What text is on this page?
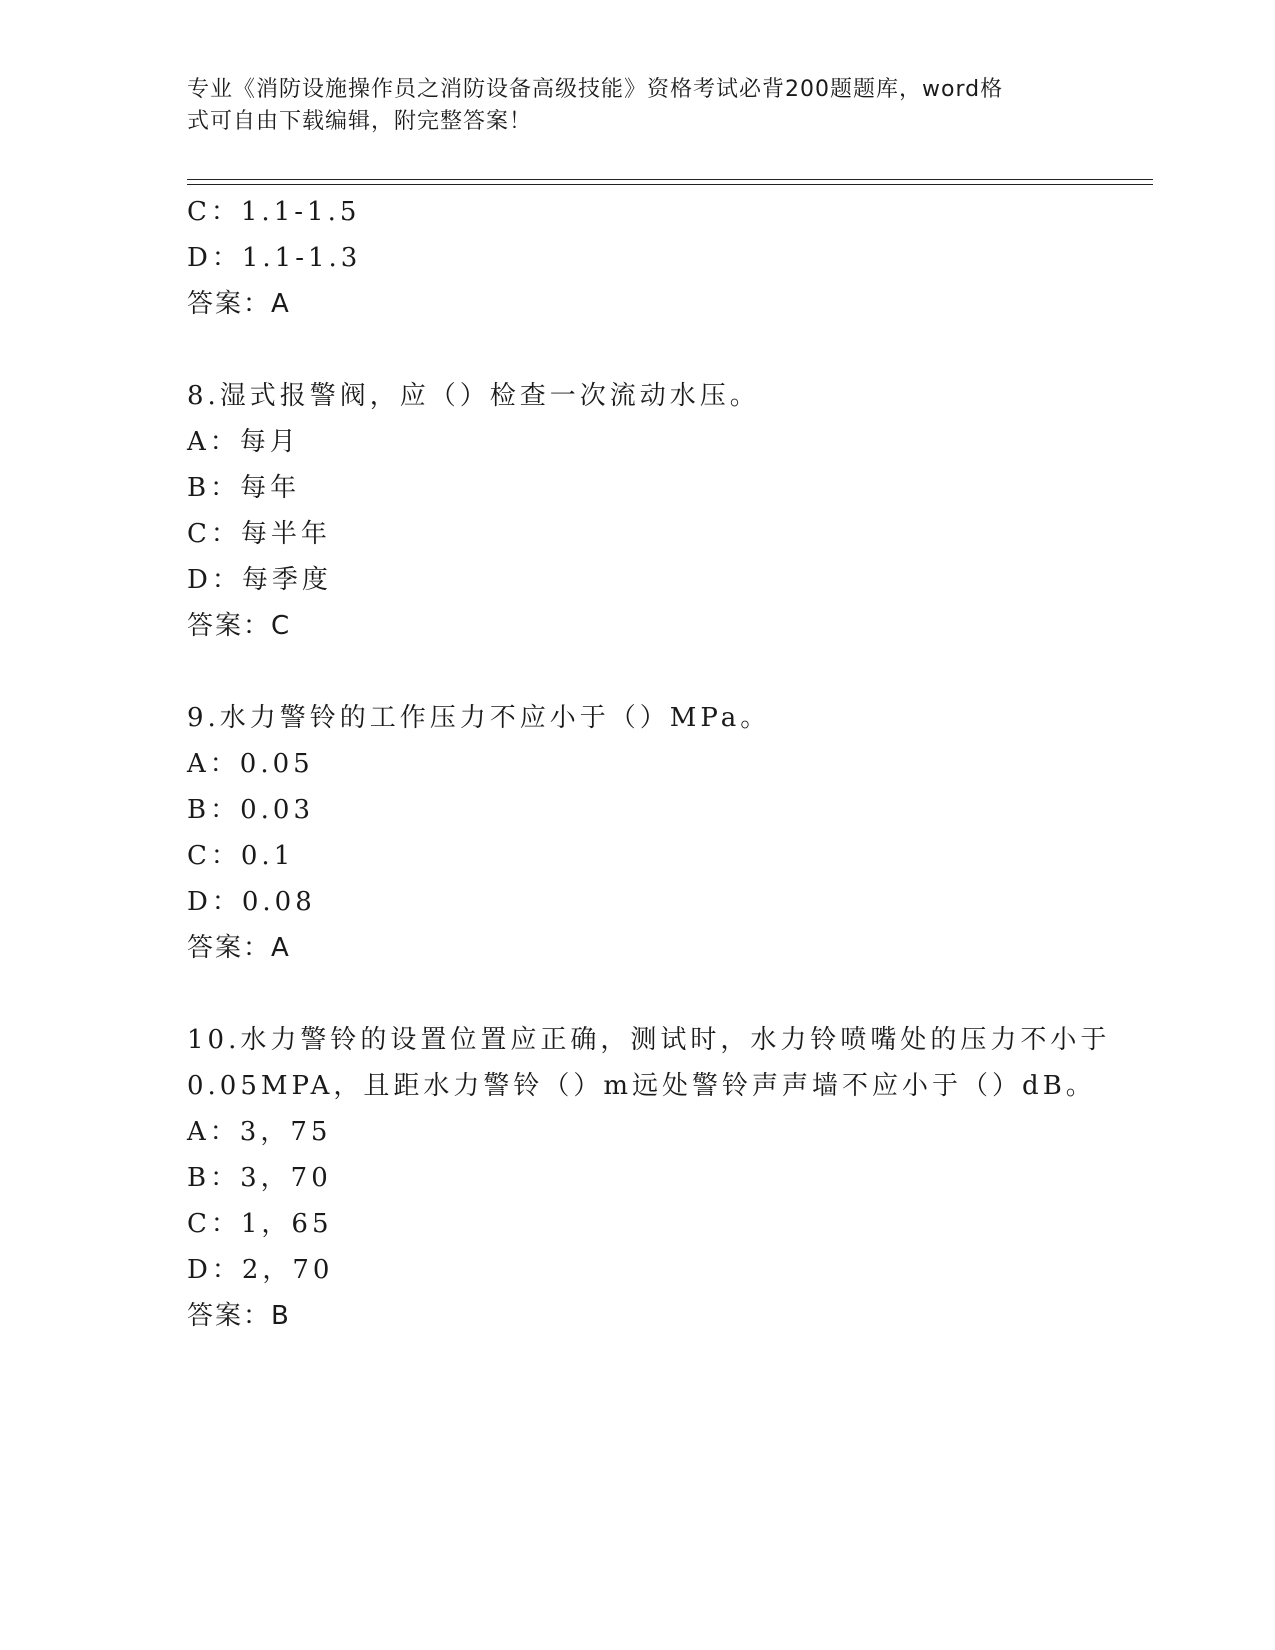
专业《消防设施操作员之消防设备高级技能》资格考试必背200题题库，word格
式可自由下载编辑，附完整答案！
C：1.1-1.5
D：1.1-1.3
答案：A
8.湿式报警阀，应（）检查一次流动水压。
A：每月
B：每年
C：每半年
D：每季度
答案：C
9.水力警铃的工作压力不应小于（）MPa。
A：0.05
B：0.03
C：0.1
D：0.08
答案：A
10.水力警铃的设置位置应正确，测试时，水力铃喷嘴处的压力不小于
0.05MPA，且距水力警铃（）m远处警铃声声墙不应小于（）dB。
A：3，75
B：3，70
C：1，65
D：2，70
答案：B
